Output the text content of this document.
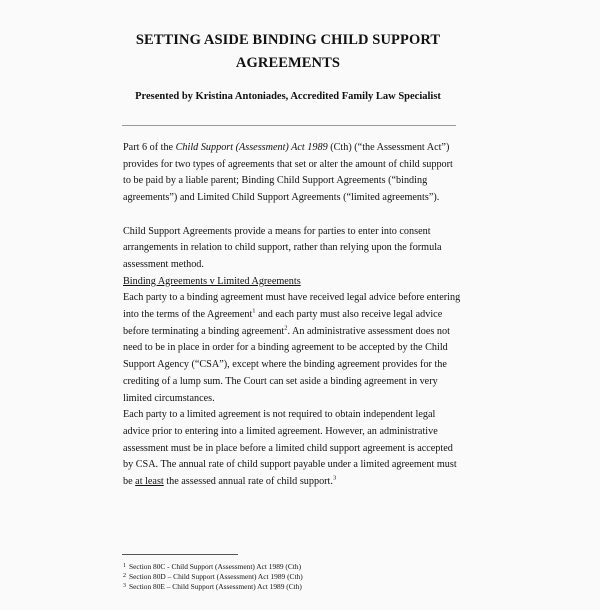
SETTING ASIDE BINDING CHILD SUPPORT
AGREEMENTS
Presented by Kristina Antoniades, Accredited Family Law Specialist

Part 6 of the Child Support (Assessment) Act 1989 (Cth) (“the Assessment Act”) provides for two types of agreements that set or alter the amount of child support to be paid by a liable parent; Binding Child Support Agreements (“binding agreements”) and Limited Child Support Agreements (“limited agreements”).

Child Support Agreements provide a means for parties to enter into consent arrangements in relation to child support, rather than relying upon the formula assessment method.

Binding Agreements v Limited Agreements

Each party to a binding agreement must have received legal advice before entering into the terms of the Agreement$^1$ and each party must also receive legal advice before terminating a binding agreement$^2$. An administrative assessment does not need to be in place in order for a binding agreement to be accepted by the Child Support Agency (“CSA”), except where the binding agreement provides for the crediting of a lump sum. The Court can set aside a binding agreement in very limited circumstances.

Each party to a limited agreement is not required to obtain independent legal advice prior to entering into a limited agreement. However, an administrative assessment must be in place before a limited child support agreement is accepted by CSA. The annual rate of child support payable under a limited agreement must be at least the assessed annual rate of child support.$^3$

$^1$ Section 80C - Child Support (Assessment) Act 1989 (Cth)
$^2$ Section 80D – Child Support (Assessment) Act 1989 (Cth)
$^3$ Section 80E – Child Support (Assessment) Act 1989 (Cth)
